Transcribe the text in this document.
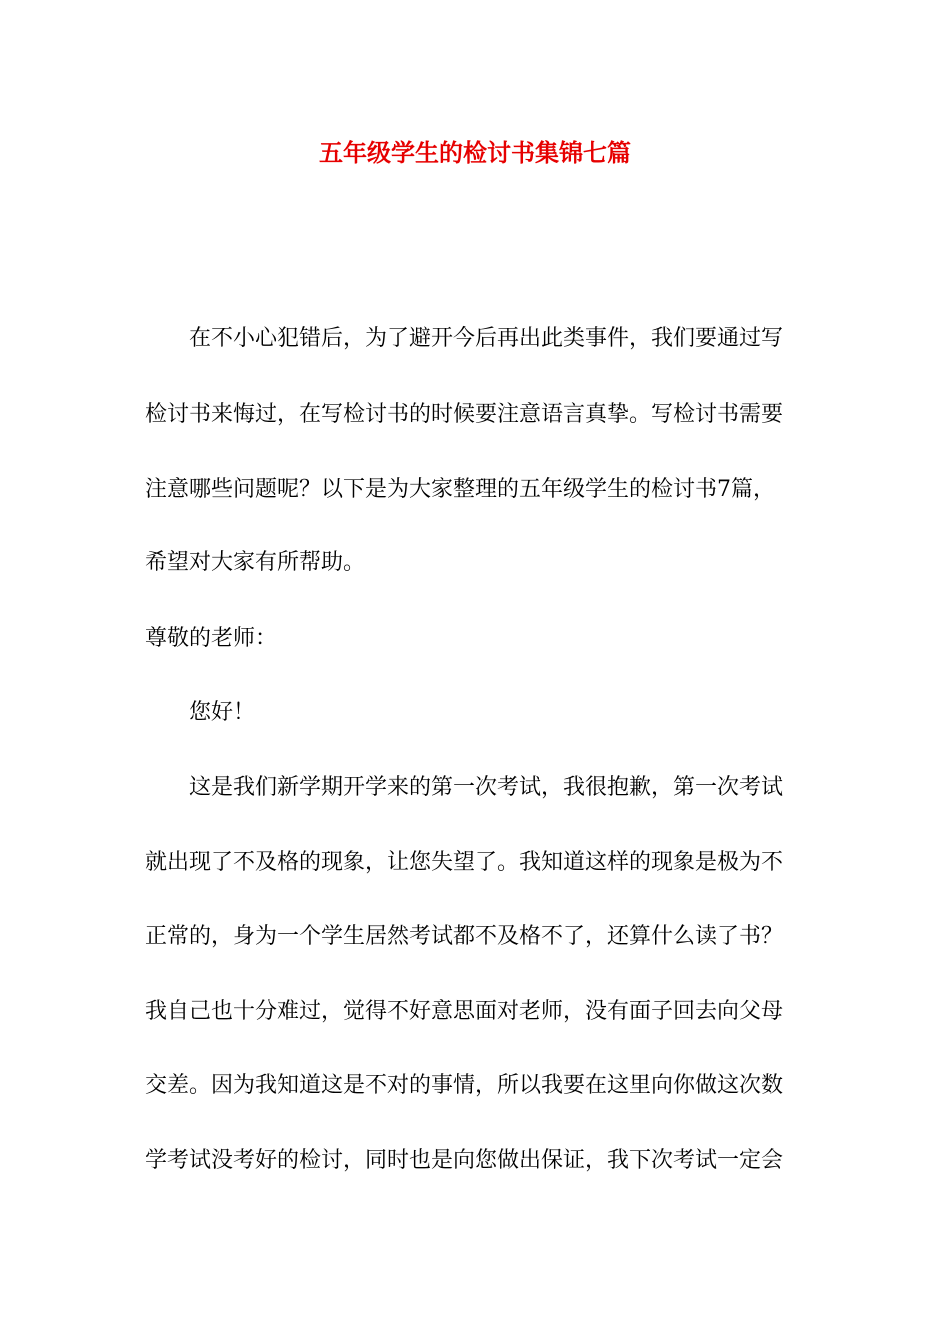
五年级学生的检讨书集锦七篇
在不小心犯错后，为了避开今后再出此类事件，我们要通过写
检讨书来悔过，在写检讨书的时候要注意语言真挚。写检讨书需要
注意哪些问题呢？以下是为大家整理的五年级学生的检讨书7篇，
希望对大家有所帮助。
尊敬的老师：
您好！
这是我们新学期开学来的第一次考试，我很抱歉，第一次考试
就出现了不及格的现象，让您失望了。我知道这样的现象是极为不
正常的，身为一个学生居然考试都不及格不了，还算什么读了书？
我自己也十分难过，觉得不好意思面对老师，没有面子回去向父母
交差。因为我知道这是不对的事情，所以我要在这里向你做这次数
学考试没考好的检讨，同时也是向您做出保证，我下次考试一定会
